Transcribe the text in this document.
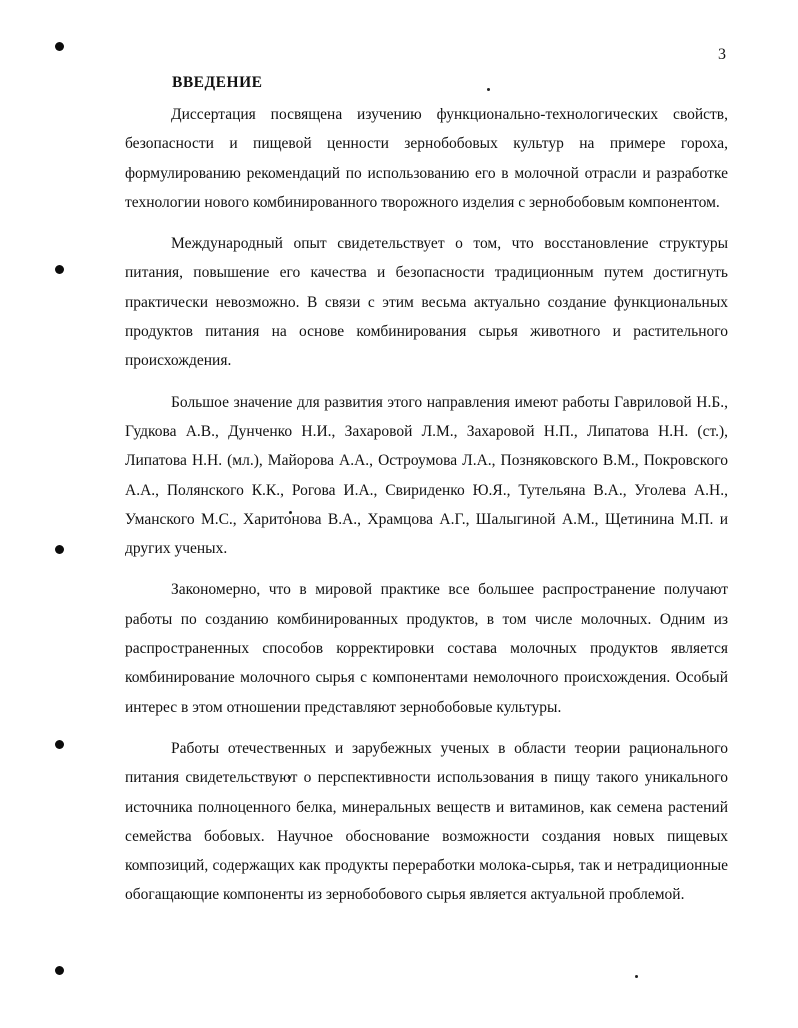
3
ВВЕДЕНИЕ

Диссертация посвящена изучению функционально-технологических свойств, безопасности и пищевой ценности зернобобовых культур на примере гороха, формулированию рекомендаций по использованию его в молочной отрасли и разработке технологии нового комбинированного творожного изделия с зернобобовым компонентом.

Международный опыт свидетельствует о том, что восстановление структуры питания, повышение его качества и безопасности традиционным путем достигнуть практически невозможно. В связи с этим весьма актуально создание функциональных продуктов питания на основе комбинирования сырья животного и растительного происхождения.

Большое значение для развития этого направления имеют работы Гавриловой Н.Б., Гудкова А.В., Дунченко Н.И., Захаровой Л.М., Захаровой Н.П., Липатова Н.Н. (ст.), Липатова Н.Н. (мл.), Майорова А.А., Остроумова Л.А., Позняковского В.М., Покровского А.А., Полянского К.К., Рогова И.А., Свириденко Ю.Я., Тутельяна В.А., Уголева А.Н., Уманского М.С., Харитонова В.А., Храмцова А.Г., Шалыгиной А.М., Щетинина М.П. и других ученых.

Закономерно, что в мировой практике все большее распространение получают работы по созданию комбинированных продуктов, в том числе молочных. Одним из распространенных способов корректировки состава молочных продуктов является комбинирование молочного сырья с компонентами немолочного происхождения. Особый интерес в этом отношении представляют зернобобовые культуры.

Работы отечественных и зарубежных ученых в области теории рационального питания свидетельствуют о перспективности использования в пищу такого уникального источника полноценного белка, минеральных веществ и витаминов, как семена растений семейства бобовых. Научное обоснование возможности создания новых пищевых композиций, содержащих как продукты переработки молока-сырья, так и нетрадиционные обогащающие компоненты из зернобобового сырья является актуальной проблемой.
